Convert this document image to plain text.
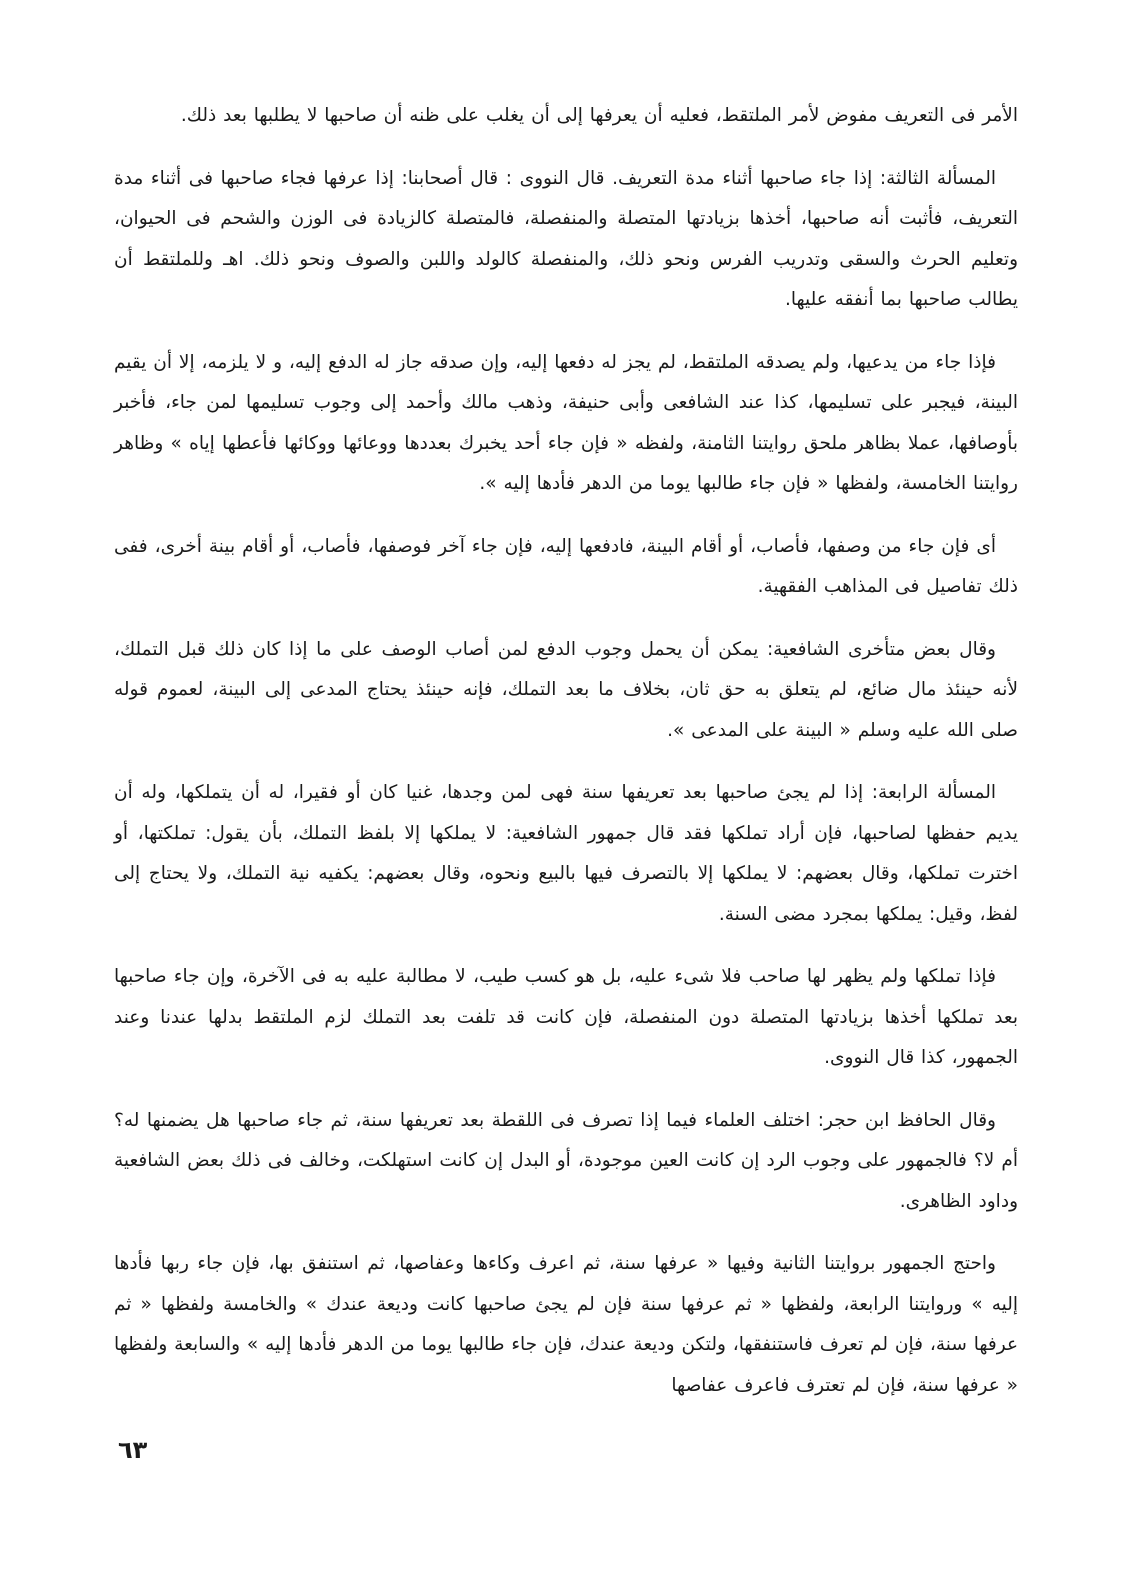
الأمر فى التعريف مفوض لأمر الملتقط، فعليه أن يعرفها إلى أن يغلب على ظنه أن صاحبها لا يطلبها بعد ذلك.

المسألة الثالثة: إذا جاء صاحبها أثناء مدة التعريف. قال النووى : قال أصحابنا: إذا عرفها فجاء صاحبها فى أثناء مدة التعريف، فأثبت أنه صاحبها، أخذها بزيادتها المتصلة والمنفصلة، فالمتصلة كالزيادة فى الوزن والشحم فى الحيوان، وتعليم الحرث والسقى وتدريب الفرس ونحو ذلك، والمنفصلة كالولد واللبن والصوف ونحو ذلك. اهـ وللملتقط أن يطالب صاحبها بما أنفقه عليها.

فإذا جاء من يدعيها، ولم يصدقه الملتقط، لم يجز له دفعها إليه، وإن صدقه جاز له الدفع إليه، و لا يلزمه، إلا أن يقيم البينة، فيجبر على تسليمها، كذا عند الشافعى وأبى حنيفة، وذهب مالك وأحمد إلى وجوب تسليمها لمن جاء، فأخبر بأوصافها، عملا بظاهر ملحق روايتنا الثامنة، ولفظه « فإن جاء أحد يخبرك بعددها ووعائها ووكائها فأعطها إياه » وظاهر روايتنا الخامسة، ولفظها « فإن جاء طالبها يوما من الدهر فأدها إليه ».

أى فإن جاء من وصفها، فأصاب، أو أقام البينة، فادفعها إليه، فإن جاء آخر فوصفها، فأصاب، أو أقام بينة أخرى، ففى ذلك تفاصيل فى المذاهب الفقهية.

وقال بعض متأخرى الشافعية: يمكن أن يحمل وجوب الدفع لمن أصاب الوصف على ما إذا كان ذلك قبل التملك، لأنه حينئذ مال ضائع، لم يتعلق به حق ثان، بخلاف ما بعد التملك، فإنه حينئذ يحتاج المدعى إلى البينة، لعموم قوله صلى الله عليه وسلم « البينة على المدعى ».

المسألة الرابعة: إذا لم يجئ صاحبها بعد تعريفها سنة فهى لمن وجدها، غنيا كان أو فقيرا، له أن يتملكها، وله أن يديم حفظها لصاحبها، فإن أراد تملكها فقد قال جمهور الشافعية: لا يملكها إلا بلفظ التملك، بأن يقول: تملكتها، أو اخترت تملكها، وقال بعضهم: لا يملكها إلا بالتصرف فيها بالبيع ونحوه، وقال بعضهم: يكفيه نية التملك، ولا يحتاج إلى لفظ، وقيل: يملكها بمجرد مضى السنة.

فإذا تملكها ولم يظهر لها صاحب فلا شىء عليه، بل هو كسب طيب، لا مطالبة عليه به فى الآخرة، وإن جاء صاحبها بعد تملكها أخذها بزيادتها المتصلة دون المنفصلة، فإن كانت قد تلفت بعد التملك لزم الملتقط بدلها عندنا وعند الجمهور، كذا قال النووى.

وقال الحافظ ابن حجر: اختلف العلماء فيما إذا تصرف فى اللقطة بعد تعريفها سنة، ثم جاء صاحبها هل يضمنها له؟ أم لا؟ فالجمهور على وجوب الرد إن كانت العين موجودة، أو البدل إن كانت استهلكت، وخالف فى ذلك بعض الشافعية وداود الظاهرى.

واحتج الجمهور بروايتنا الثانية وفيها « عرفها سنة، ثم اعرف وكاءها وعفاصها، ثم استنفق بها، فإن جاء ربها فأدها إليه » وروايتنا الرابعة، ولفظها « ثم عرفها سنة فإن لم يجئ صاحبها كانت وديعة عندك » والخامسة ولفظها « ثم عرفها سنة، فإن لم تعرف فاستنفقها، ولتكن وديعة عندك، فإن جاء طالبها يوما من الدهر فأدها إليه » والسابعة ولفظها « عرفها سنة، فإن لم تعترف فاعرف عفاصها

٦٣
